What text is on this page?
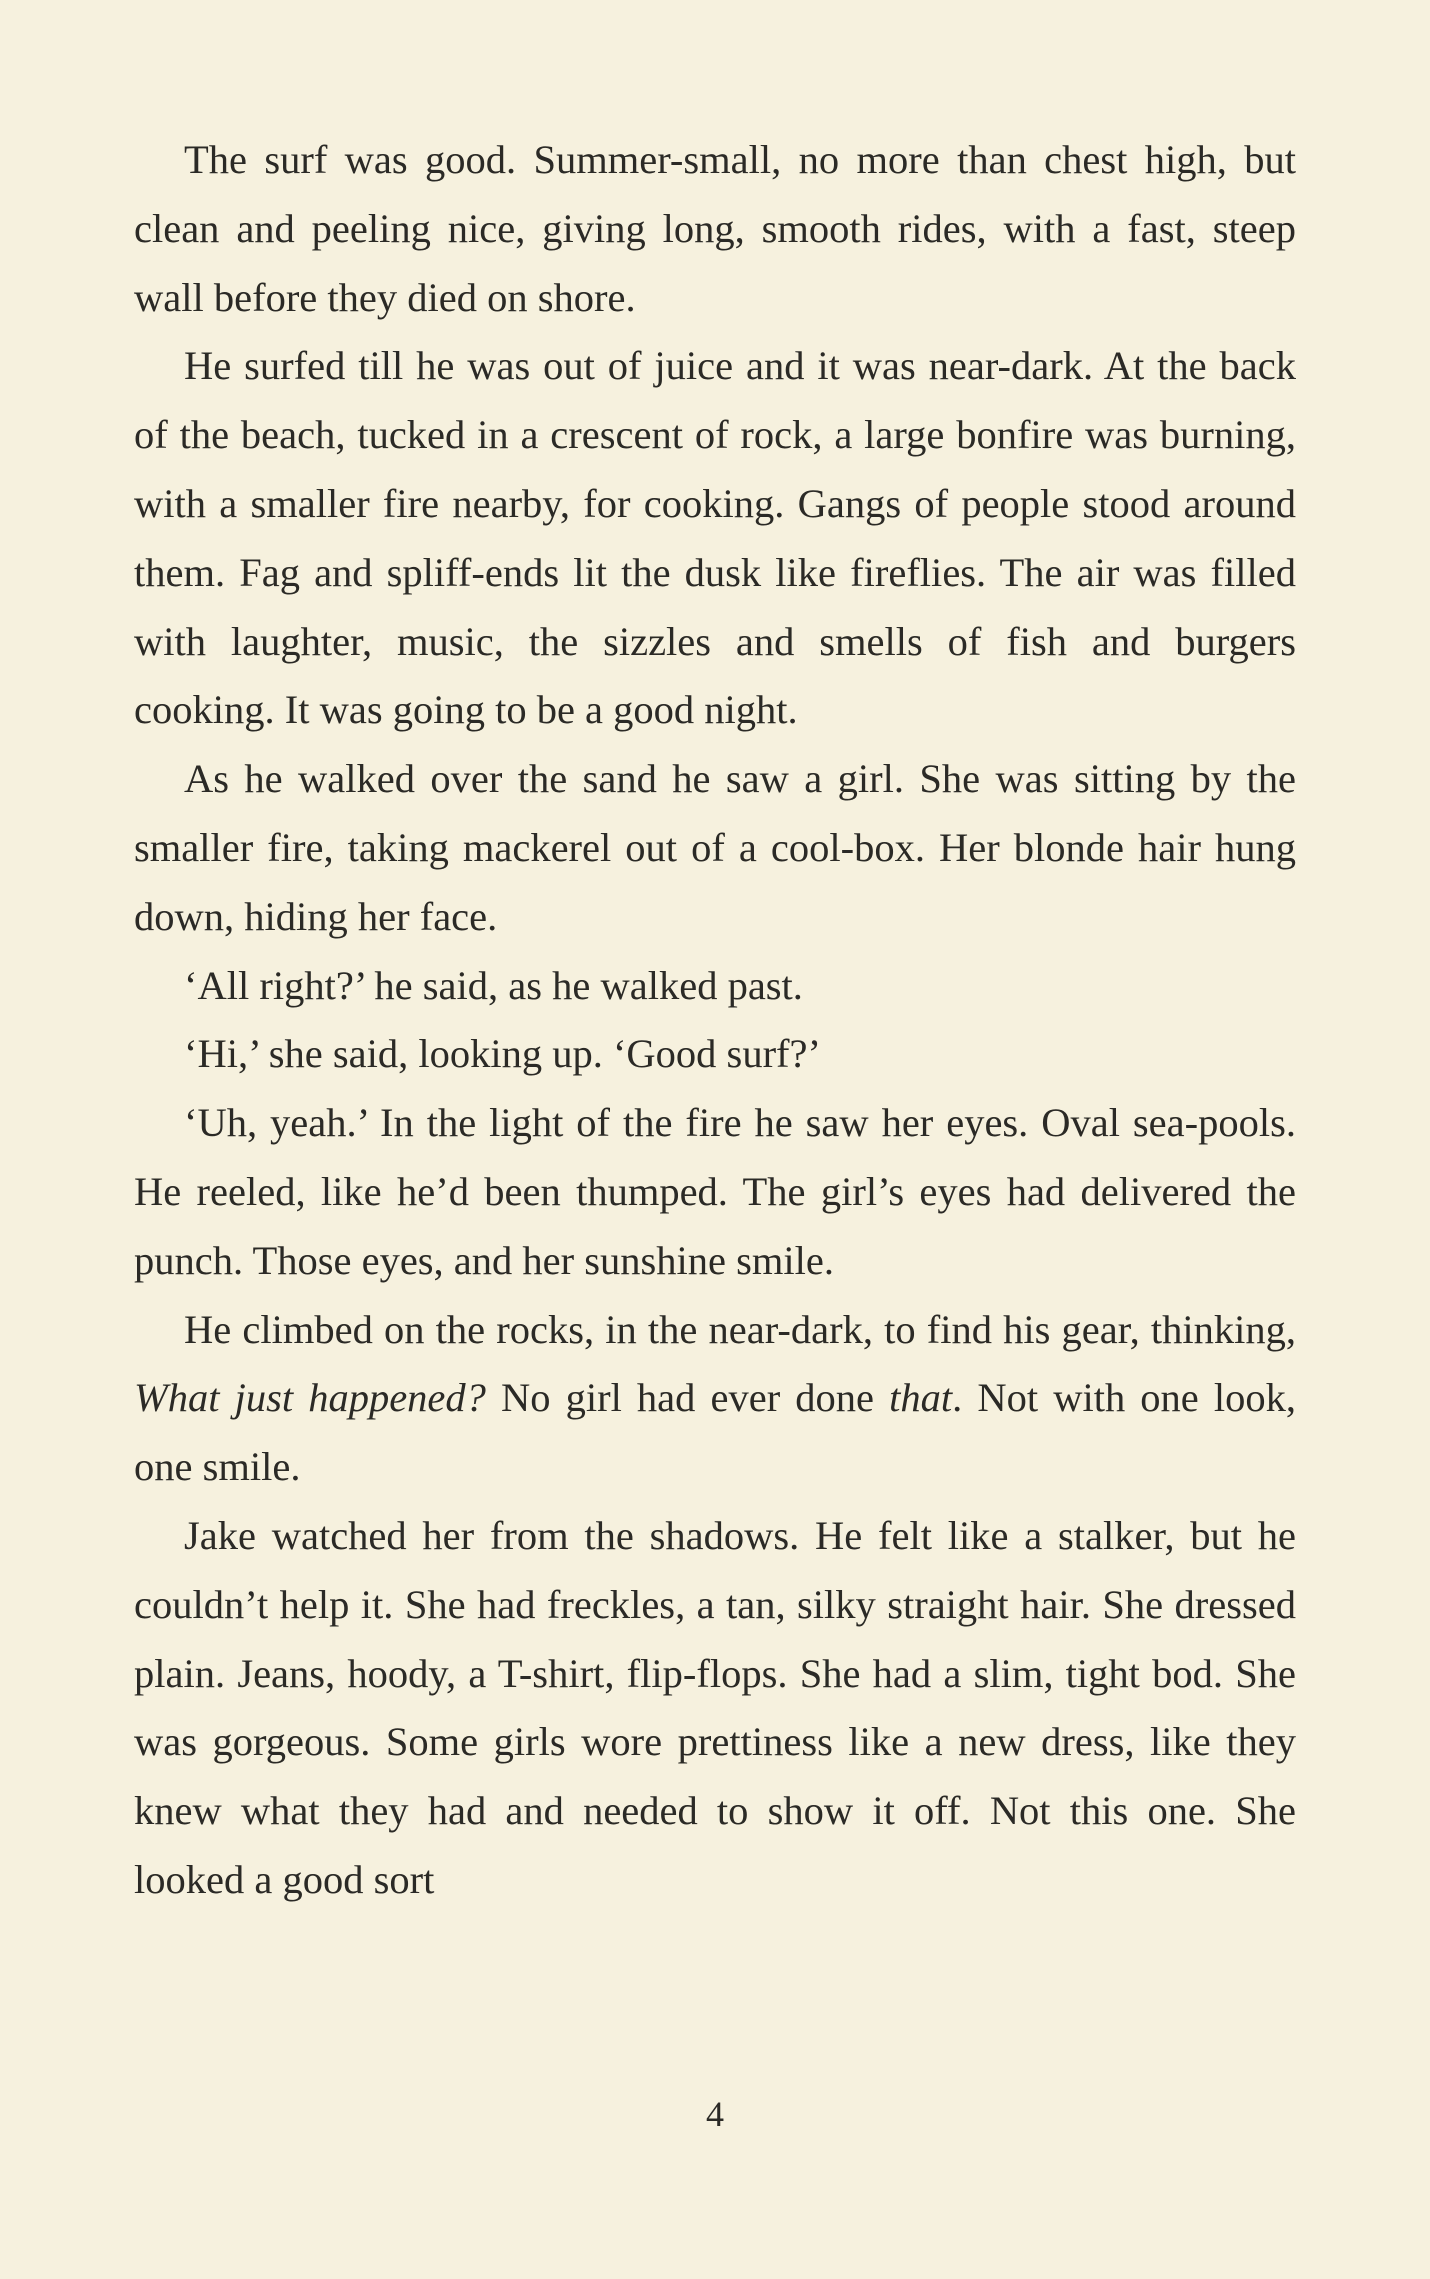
The surf was good. Summer-small, no more than chest high, but clean and peeling nice, giving long, smooth rides, with a fast, steep wall before they died on shore.

He surfed till he was out of juice and it was near-dark. At the back of the beach, tucked in a crescent of rock, a large bonfire was burning, with a smaller fire nearby, for cooking. Gangs of people stood around them. Fag and spliff-ends lit the dusk like fireflies. The air was filled with laughter, music, the sizzles and smells of fish and burgers cooking. It was going to be a good night.

As he walked over the sand he saw a girl. She was sitting by the smaller fire, taking mackerel out of a cool-box. Her blonde hair hung down, hiding her face.

‘All right?’ he said, as he walked past.

‘Hi,’ she said, looking up. ‘Good surf?’

‘Uh, yeah.’ In the light of the fire he saw her eyes. Oval sea-pools. He reeled, like he’d been thumped. The girl’s eyes had delivered the punch. Those eyes, and her sunshine smile.

He climbed on the rocks, in the near-dark, to find his gear, thinking, What just happened? No girl had ever done that. Not with one look, one smile.

Jake watched her from the shadows. He felt like a stalker, but he couldn’t help it. She had freckles, a tan, silky straight hair. She dressed plain. Jeans, hoody, a T-shirt, flip-flops. She had a slim, tight bod. She was gorgeous. Some girls wore prettiness like a new dress, like they knew what they had and needed to show it off. Not this one. She looked a good sort

4
